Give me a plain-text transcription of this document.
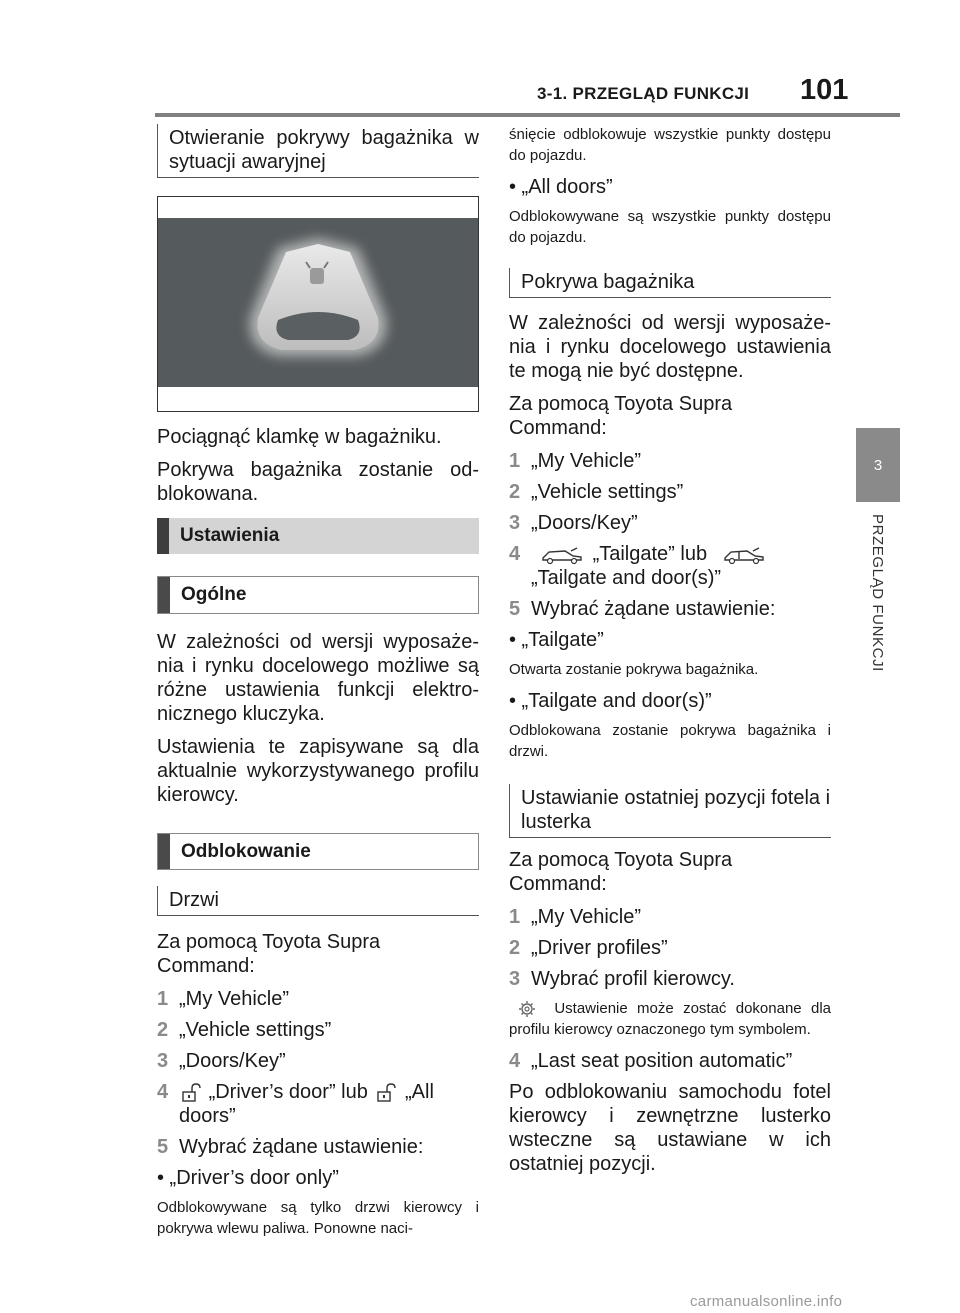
3-1. PRZEGLĄD FUNKCJI 101
3
PRZEGLĄD FUNKCJI
Otwieranie pokrywy bagażnika w sytuacji awaryjnej

Pociągnąć klamkę w bagażniku.

Pokrywa bagażnika zostanie odblokowana.

Ustawienia
Ogólne

W zależności od wersji wyposażenia i rynku docelowego możliwe są różne ustawienia funkcji elektronicznego kluczyka.

Ustawienia te zapisywane są dla aktualnie wykorzystywanego profilu kierowcy.

Odblokowanie
Drzwi

Za pomocą Toyota Supra Command:

1 „My Vehicle”
2 „Vehicle settings”
3 „Doors/Key”
4	„Driver’s door” lub „All doors”
5 Wybrać żądane ustawienie:
• „Driver’s door only”

Odblokowywane są tylko drzwi kierowcy i pokrywa wlewu paliwa. Ponowne naci-

śnięcie odblokowuje wszystkie punkty dostępu do pojazdu.

• „All doors”

Odblokowywane są wszystkie punkty dostępu do pojazdu.

Pokrywa bagażnika

W zależności od wersji wyposażenia i rynku docelowego ustawienia te mogą nie być dostępne.

Za pomocą Toyota Supra Command:

1 „My Vehicle”
2 „Vehicle settings”
3 „Doors/Key”
4	„Tailgate” lub
„Tailgate and door(s)”
5 Wybrać żądane ustawienie:
• „Tailgate”

Otwarta zostanie pokrywa bagażnika.

• „Tailgate and door(s)”

Odblokowana zostanie pokrywa bagażnika i drzwi.

Ustawianie ostatniej pozycji fotela i lusterka

Za pomocą Toyota Supra Command:

1 „My Vehicle”
2 „Driver profiles”
3 Wybrać profil kierowcy.

Ustawienie może zostać dokonane dla profilu kierowcy oznaczonego tym symbolem.

4 „Last seat position automatic”

Po odblokowaniu samochodu fotel kierowcy i zewnętrzne lusterko wsteczne są ustawiane w ich ostatniej pozycji.

carmanualsonline.info
